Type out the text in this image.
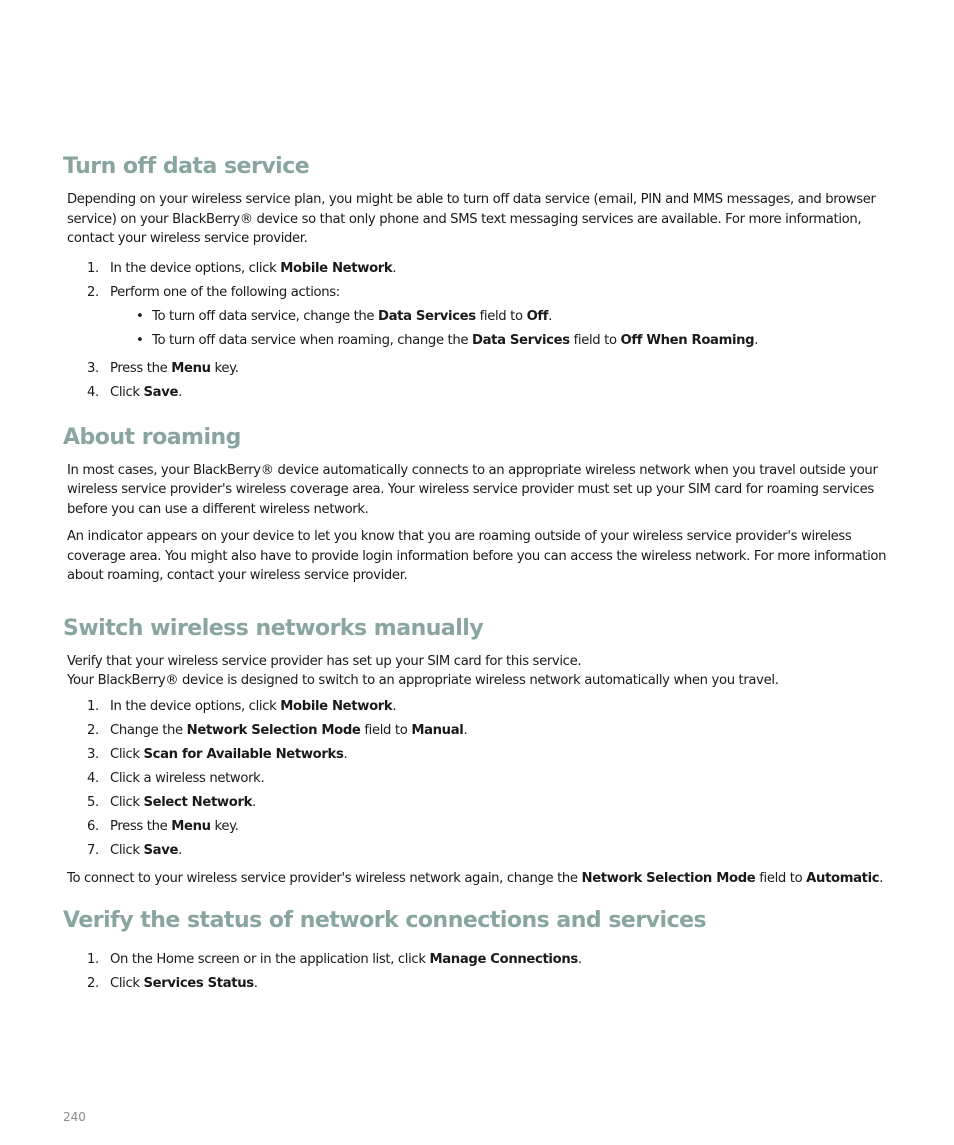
Turn off data service

Depending on your wireless service plan, you might be able to turn off data service (email, PIN and MMS messages, and browser service) on your BlackBerry® device so that only phone and SMS text messaging services are available. For more information, contact your wireless service provider.

1. In the device options, click Mobile Network.
2. Perform one of the following actions:
• To turn off data service, change the Data Services field to Off.
• To turn off data service when roaming, change the Data Services field to Off When Roaming.
3. Press the Menu key.
4. Click Save.
About roaming

In most cases, your BlackBerry® device automatically connects to an appropriate wireless network when you travel outside your wireless service provider's wireless coverage area. Your wireless service provider must set up your SIM card for roaming services before you can use a different wireless network.

An indicator appears on your device to let you know that you are roaming outside of your wireless service provider's wireless coverage area. You might also have to provide login information before you can access the wireless network. For more information about roaming, contact your wireless service provider.

Switch wireless networks manually

Verify that your wireless service provider has set up your SIM card for this service.

Your BlackBerry® device is designed to switch to an appropriate wireless network automatically when you travel.

1. In the device options, click Mobile Network.
2. Change the Network Selection Mode field to Manual.
3. Click Scan for Available Networks.
4. Click a wireless network.
5. Click Select Network.
6. Press the Menu key.
7. Click Save.

To connect to your wireless service provider's wireless network again, change the Network Selection Mode field to Automatic.

Verify the status of network connections and services
1. On the Home screen or in the application list, click Manage Connections.
2. Click Services Status.
240
